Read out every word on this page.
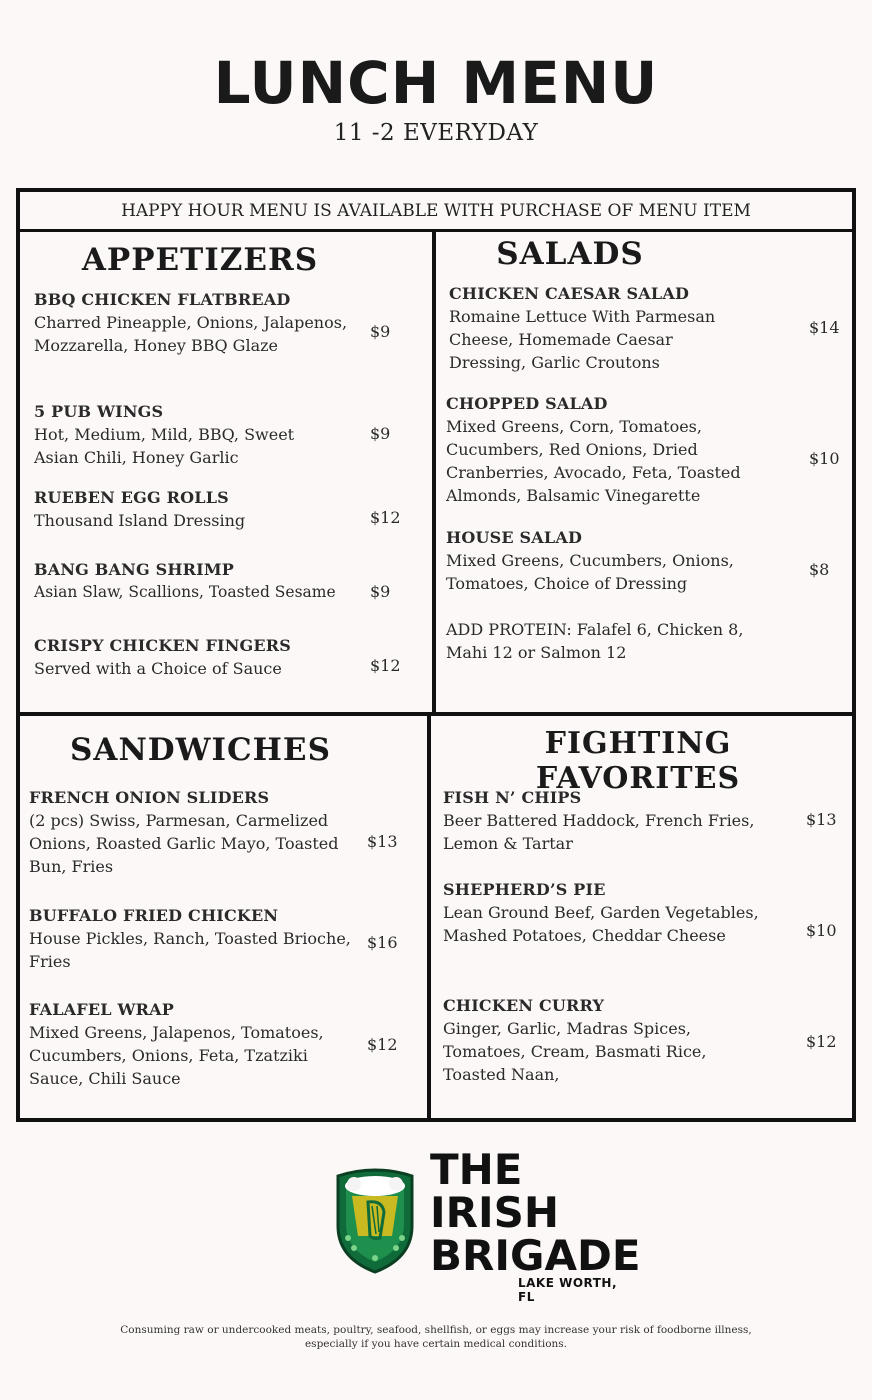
LUNCH MENU
11 -2 EVERYDAY
HAPPY HOUR MENU IS AVAILABLE WITH PURCHASE OF MENU ITEM
APPETIZERS
BBQ CHICKEN FLATBREAD
Charred Pineapple, Onions, Jalapenos, Mozzarella, Honey BBQ Glaze
$9
5 PUB WINGS
Hot, Medium, Mild, BBQ, Sweet Asian Chili, Honey Garlic
$9
RUEBEN EGG ROLLS
Thousand Island Dressing	$12
BANG BANG SHRIMP
Asian Slaw, Scallions, Toasted Sesame	$9
CRISPY CHICKEN FINGERS
Served with a Choice of Sauce	$12
SALADS
CHICKEN CAESAR SALAD
Romaine Lettuce With Parmesan Cheese, Homemade Caesar Dressing, Garlic Croutons
$14
CHOPPED SALAD
Mixed Greens, Corn, Tomatoes, Cucumbers, Red Onions, Dried Cranberries, Avocado, Feta, Toasted Almonds, Balsamic Vinegarette
$10
HOUSE SALAD
Mixed Greens, Cucumbers, Onions, Tomatoes, Choice of Dressing
$8
ADD PROTEIN: Falafel 6, Chicken 8, Mahi 12 or Salmon 12
SANDWICHES
FRENCH ONION SLIDERS
(2 pcs) Swiss, Parmesan, Carmelized Onions, Roasted Garlic Mayo, Toasted Bun, Fries
$13
BUFFALO FRIED CHICKEN
House Pickles, Ranch, Toasted Brioche, Fries
$16
FALAFEL WRAP
Mixed Greens, Jalapenos, Tomatoes, Cucumbers, Onions, Feta, Tzatziki Sauce, Chili Sauce
$12
FIGHTING FAVORITES
FISH N’ CHIPS
Beer Battered Haddock, French Fries, Lemon & Tartar
$13
SHEPHERD’S PIE
Lean Ground Beef, Garden Vegetables, Mashed Potatoes, Cheddar Cheese	$10
CHICKEN CURRY
Ginger, Garlic, Madras Spices, Tomatoes, Cream, Basmati Rice, Toasted Naan,
$12
THE
IRISH
BRIGADE
LAKE WORTH, FL
Consuming raw or undercooked meats, poultry, seafood, shellfish, or eggs may increase your risk of foodborne illness, especially if you have certain medical conditions.
